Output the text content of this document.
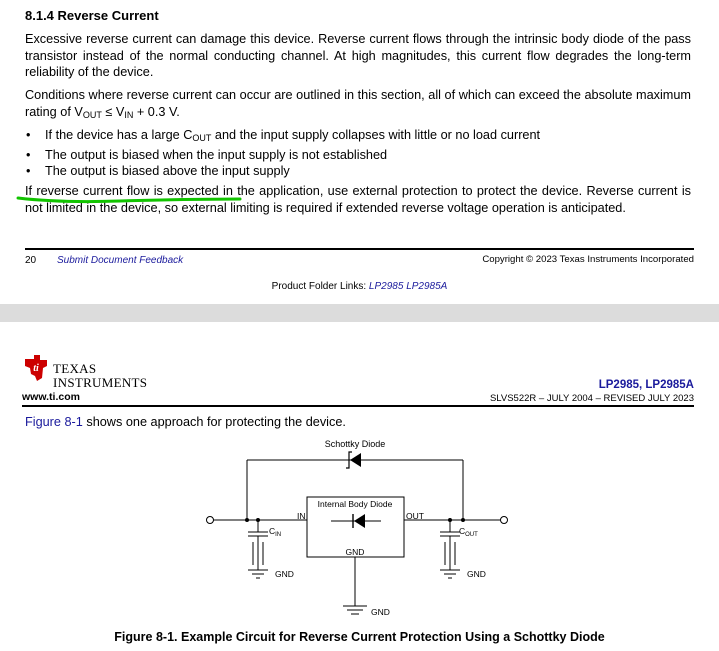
8.1.4 Reverse Current

Excessive reverse current can damage this device. Reverse current flows through the intrinsic body diode of the pass transistor instead of the normal conducting channel. At high magnitudes, this current flow degrades the long-term reliability of the device.

Conditions where reverse current can occur are outlined in this section, all of which can exceed the absolute maximum rating of $V_{OUT} \le V_{IN} + 0.3$ V.

• If the device has a large $C_{OUT}$ and the input supply collapses with little or no load current
• The output is biased when the input supply is not established
• The output is biased above the input supply

If reverse current flow is expected in the application, use external protection to protect the device. Reverse current is not limited in the device, so external limiting is required if extended reverse voltage operation is anticipated.

20 Submit Document Feedback	Copyright © 2023 Texas Instruments Incorporated
Product Folder Links: LP2985 LP2985A
ti TEXAS
INSTRUMENTS
www.ti.com
LP2985, LP2985A
SLVS522R – JULY 2004 – REVISED JULY 2023
Figure 8-1 shows one approach for protecting the device.
Schottky Diode
Internal Body Diode
IN	OUT
GND
$C_{IN}$	$C_{OUT}$
GND	GND
GND
Figure 8-1. Example Circuit for Reverse Current Protection Using a Schottky Diode
